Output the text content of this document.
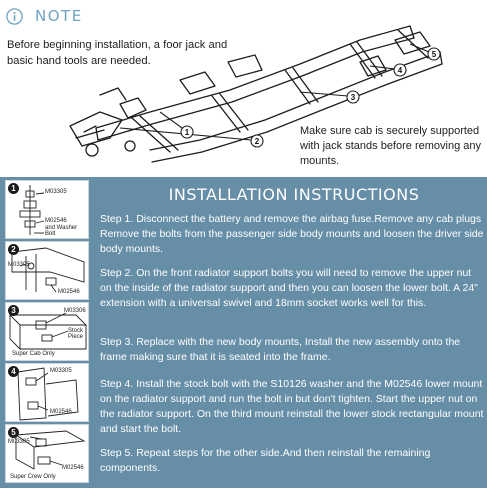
1
2
3
4
5
NOTE
Before beginning installation, a foor jack and basic hand tools are needed.
Make sure cab is securely supported with jack stands before removing any mounts.
1	M03305
M02546
and Washer
Bolt
2
M03305
M02546
3	M03306
Stock
Piece
Super Cab Only
4	M03305
M02546
5
M03305
M02546
Super Crew Only
INSTALLATION INSTRUCTIONS
Step 1. Disconnect the battery and remove the airbag fuse.Remove any cab plugs Remove the bolts from the passenger side body mounts and loosen the driver side body mounts.
Step 2. On the front radiator support bolts you will need to remove the upper nut on the inside of the radiator support and then you can loosen the lower bolt. A 24" extension with a universal swivel and 18mm socket works well for this.
Step 3. Replace with the new body mounts, Install the new assembly onto the frame making sure that it is seated into the frame.
Step 4. Install the stock bolt with the S10126 washer and the M02546 lower mount on the radiator support and run the bolt in but don't tighten. Start the upper nut on the radiator support. On the third mount reinstall the lower stock rectangular mount and start the bolt.
Step 5. Repeat steps for the other side.And then reinstall the remaining components.
